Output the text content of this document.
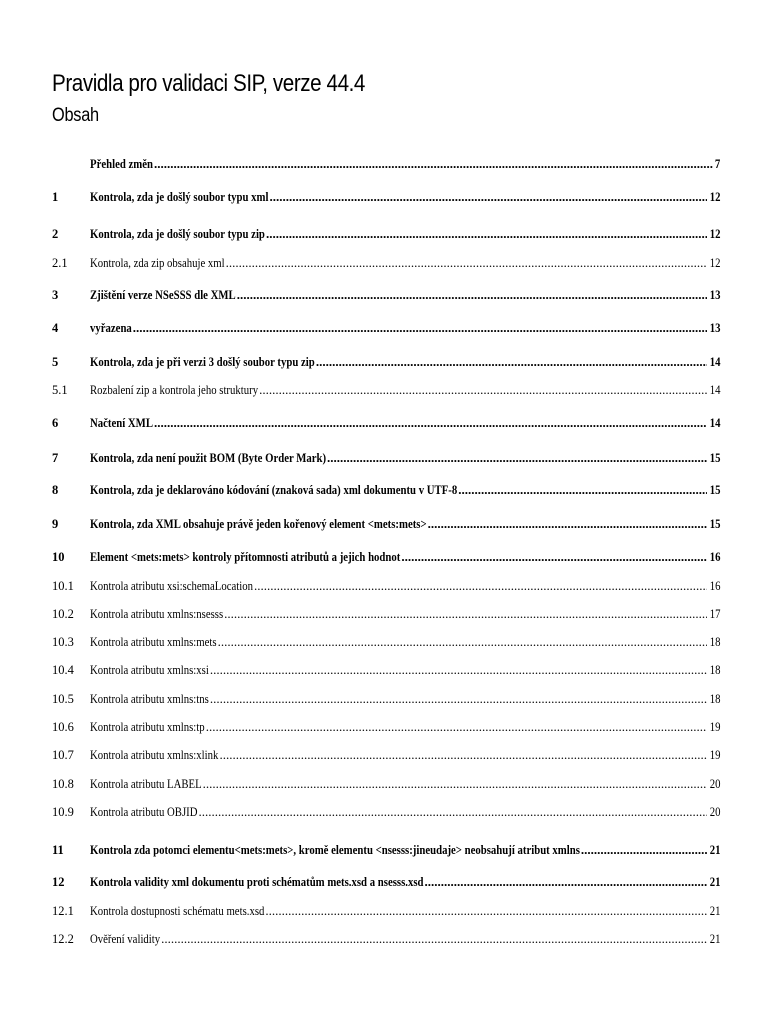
Pravidla pro validaci SIP, verze 44.4
Obsah
Přehled změn .....	7
1	Kontrola, zda je došlý soubor typu xml .....	12
2	Kontrola, zda je došlý soubor typu zip .....	12
2.1	Kontrola, zda zip obsahuje xml .....	12
3	Zjištění verze NSeSSS dle XML .....	13
4	vyřazena .....	13
5	Kontrola, zda je při verzi 3 došlý soubor typu zip .....	14
5.1	Rozbalení zip a kontrola jeho struktury .....	14
6	Načtení XML .....	14
7	Kontrola, zda není použit BOM (Byte Order Mark) .....	15
8	Kontrola, zda je deklarováno kódování (znaková sada) xml dokumentu v UTF-8 .....	15
9	Kontrola, zda XML obsahuje právě jeden kořenový element <mets:mets> .....	15
10	Element <mets:mets> kontroly přítomnosti atributů a jejich hodnot .....	16
10.1	Kontrola atributu xsi:schemaLocation .....	16
10.2	Kontrola atributu xmlns:nsesss .....	17
10.3	Kontrola atributu xmlns:mets .....	18
10.4	Kontrola atributu xmlns:xsi .....	18
10.5	Kontrola atributu xmlns:tns .....	18
10.6	Kontrola atributu xmlns:tp .....	19
10.7	Kontrola atributu xmlns:xlink .....	19
10.8	Kontrola atributu LABEL .....	20
10.9	Kontrola atributu OBJID .....	20
11	Kontrola zda potomci elementu<mets:mets>, kromě elementu <nsesss:jineudaje> neobsahují atribut xmlns .....	21
12	Kontrola validity xml dokumentu proti schématům mets.xsd a nsesss.xsd .....	21
12.1	Kontrola dostupnosti schématu mets.xsd .....	21
12.2	Ověření validity .....	21
